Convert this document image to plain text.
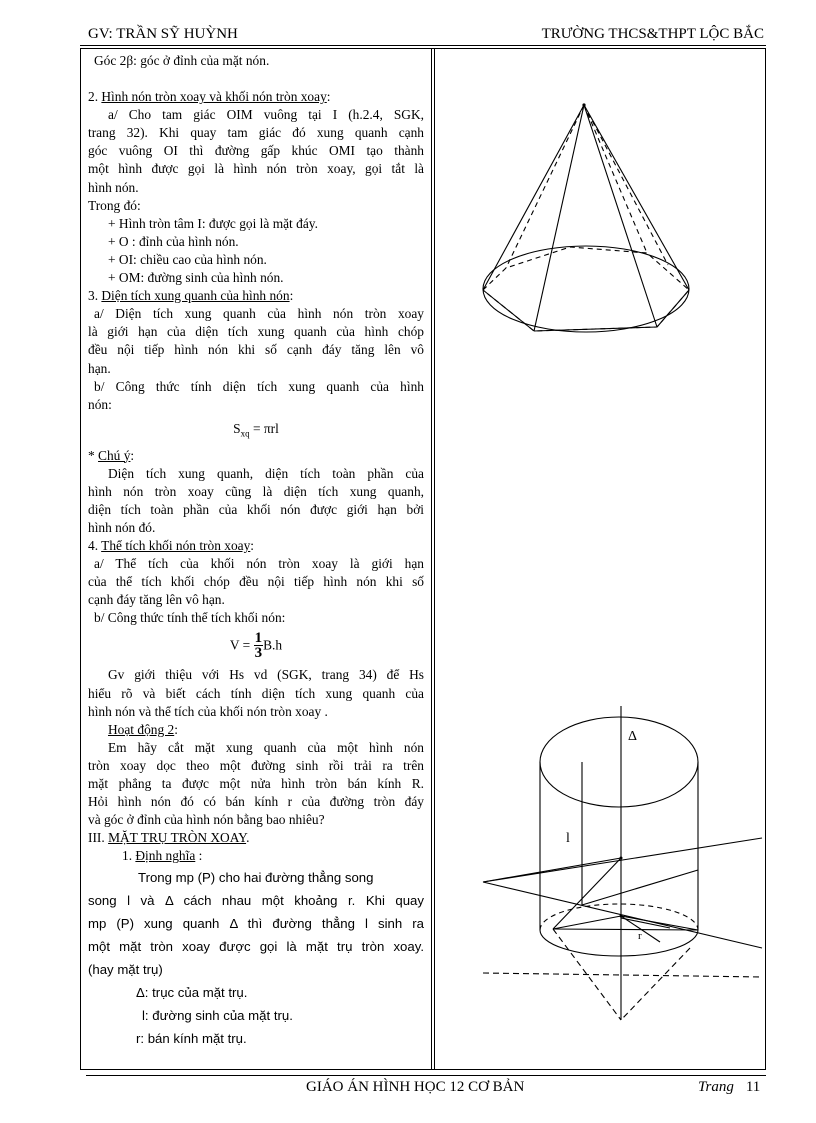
GV: TRẦN SỸ HUỲNH	TRƯỜNG THCS&THPT LỘC BẮC

Góc 2β: góc ở đỉnh của mặt nón.

2. Hình nón tròn xoay và khối nón tròn xoay:

a/ Cho tam giác OIM vuông tại I (h.2.4, SGK,

trang 32). Khi quay tam giác đó xung quanh cạnh

góc vuông OI thì đường gấp khúc OMI tạo thành

một hình được gọi là hình nón tròn xoay, gọi tắt là

hình nón.

Trong đó:

+ Hình tròn tâm I: được gọi là mặt đáy.

+ O : đỉnh của hình nón.

+ OI: chiều cao của hình nón.

+ OM: đường sinh của hình nón.

3. Diện tích xung quanh của hình nón:

a/ Diện tích xung quanh của hình nón tròn xoay

là giới hạn của diện tích xung quanh của hình chóp

đều nội tiếp hình nón khi số cạnh đáy tăng lên vô

hạn.

b/ Công thức tính diện tích xung quanh của hình

nón:

$S_{xq} = \pi rl$

* Chú ý:

Diện tích xung quanh, diện tích toàn phần của

hình nón tròn xoay cũng là diện tích xung quanh,

diện tích toàn phần của khối nón được giới hạn bởi

hình nón đó.

4. Thể tích khối nón tròn xoay:

a/ Thể tích của khối nón tròn xoay là giới hạn

của thể tích khối chóp đều nội tiếp hình nón khi số

cạnh đáy tăng lên vô hạn.

b/ Công thức tính thể tích khối nón:

$V = \frac{1}{3} B.h$

Gv giới thiệu với Hs vd (SGK, trang 34) để Hs

hiểu rõ và biết cách tính diện tích xung quanh của

hình nón và thể tích của khối nón tròn xoay .

Hoạt động 2:

Em hãy cắt mặt xung quanh của một hình nón

tròn xoay dọc theo một đường sinh rồi trải ra trên

mặt phẳng ta được một nửa hình tròn bán kính R.

Hỏi hình nón đó có bán kính r của đường tròn đáy

và góc ở đỉnh của hình nón bằng bao nhiêu?

III. MẶT TRỤ TRÒN XOAY.

1. Định nghĩa :

Trong mp (P) cho hai đường thẳng song

song l và Δ cách nhau một khoảng r. Khi quay

mp (P) xung quanh Δ thì đường thẳng l sinh ra

một mặt tròn xoay được gọi là mặt trụ tròn xoay.

(hay mặt trụ)

Δ: trục của mặt trụ.

l: đường sinh của mặt trụ.

r: bán kính mặt trụ.

Δ
l
r
GIÁO ÁN HÌNH HỌC 12 CƠ BẢN	Trang 11
